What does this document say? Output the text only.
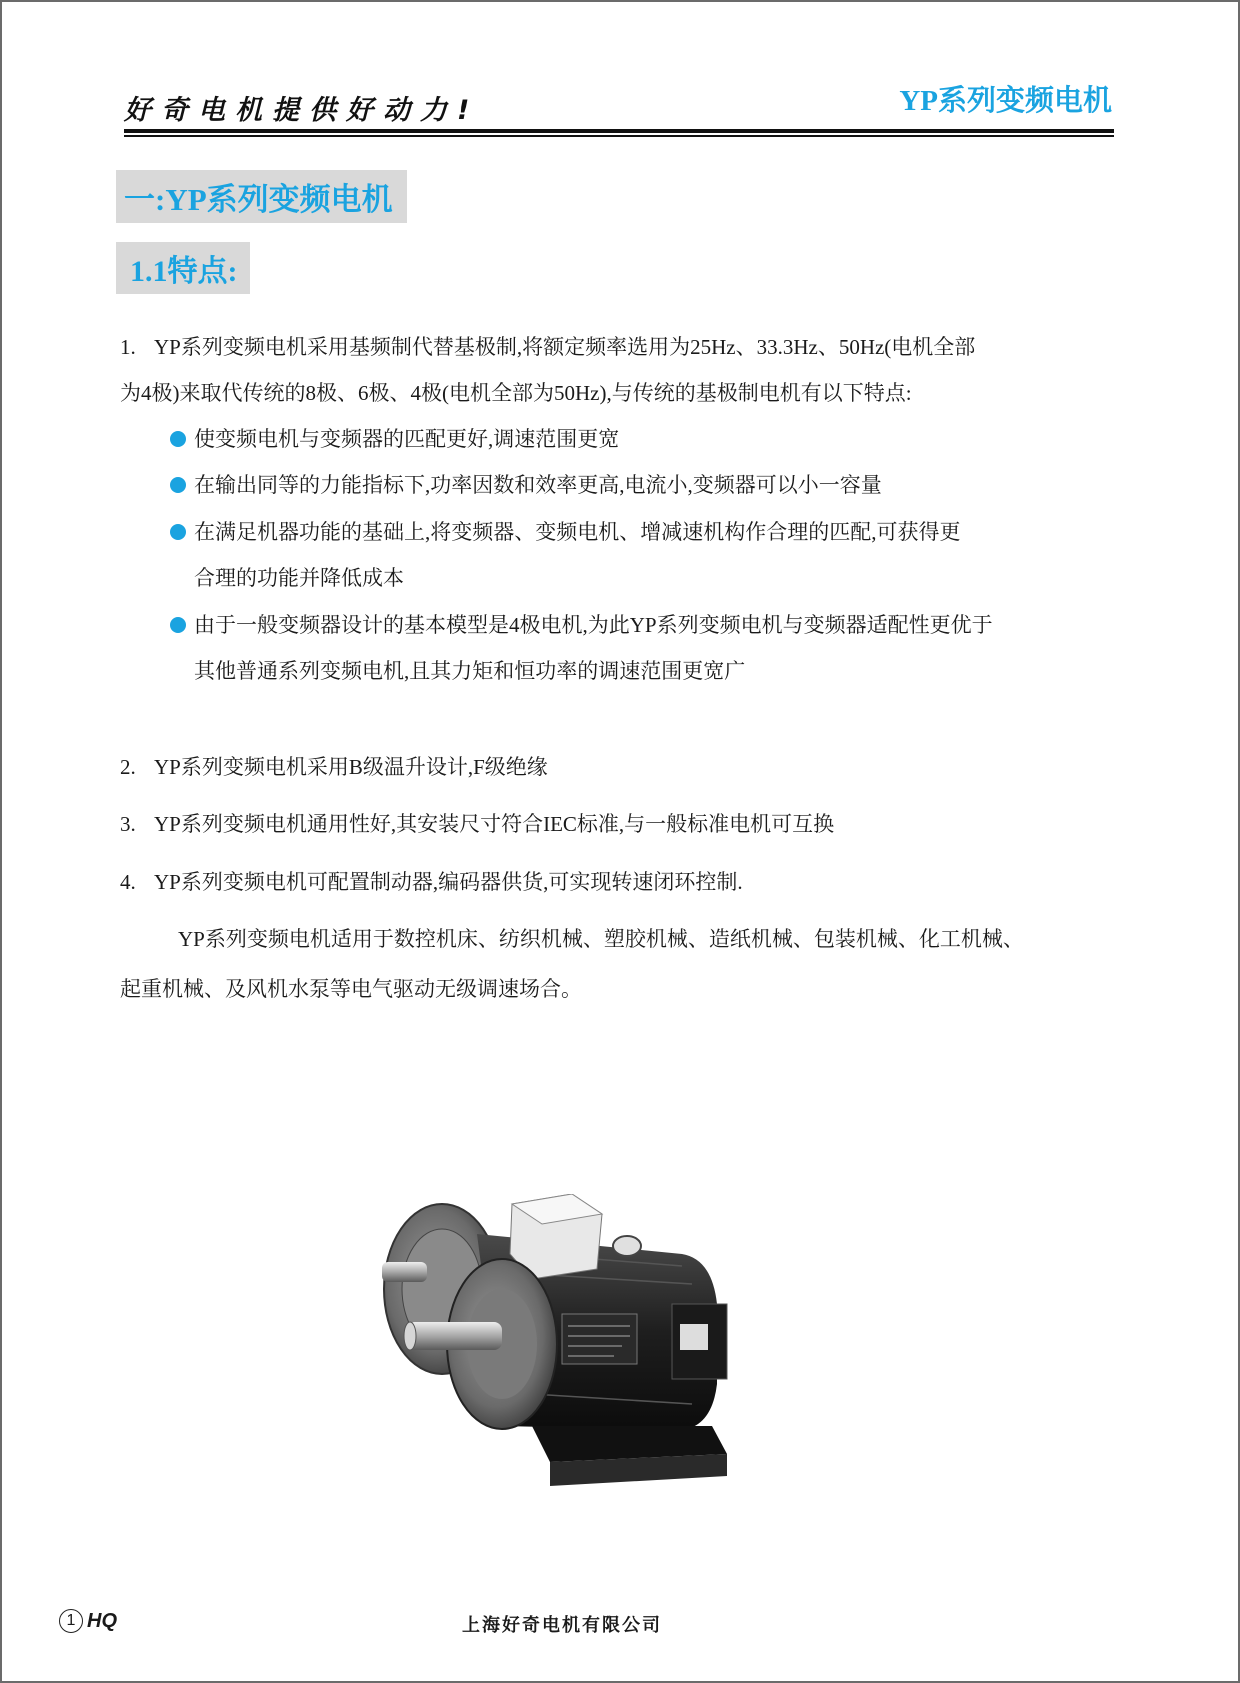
好奇电机提供好动力!	YP系列变频电机
一:YP系列变频电机
1.1特点:
1. YP系列变频电机采用基频制代替基极制,将额定频率选用为25Hz、33.3Hz、50Hz(电机全部
为4极)来取代传统的8极、6极、4极(电机全部为50Hz),与传统的基极制电机有以下特点:
使变频电机与变频器的匹配更好,调速范围更宽
在输出同等的力能指标下,功率因数和效率更高,电流小,变频器可以小一容量
在满足机器功能的基础上,将变频器、变频电机、增减速机构作合理的匹配,可获得更
合理的功能并降低成本
由于一般变频器设计的基本模型是4极电机,为此YP系列变频电机与变频器适配性更优于
其他普通系列变频电机,且其力矩和恒功率的调速范围更宽广
2. YP系列变频电机采用B级温升设计,F级绝缘
3. YP系列变频电机通用性好,其安装尺寸符合IEC标准,与一般标准电机可互换
4. YP系列变频电机可配置制动器,编码器供货,可实现转速闭环控制.
YP系列变频电机适用于数控机床、纺织机械、塑胶机械、造纸机械、包装机械、化工机械、
起重机械、及风机水泵等电气驱动无级调速场合。
1 HQ	上海好奇电机有限公司
